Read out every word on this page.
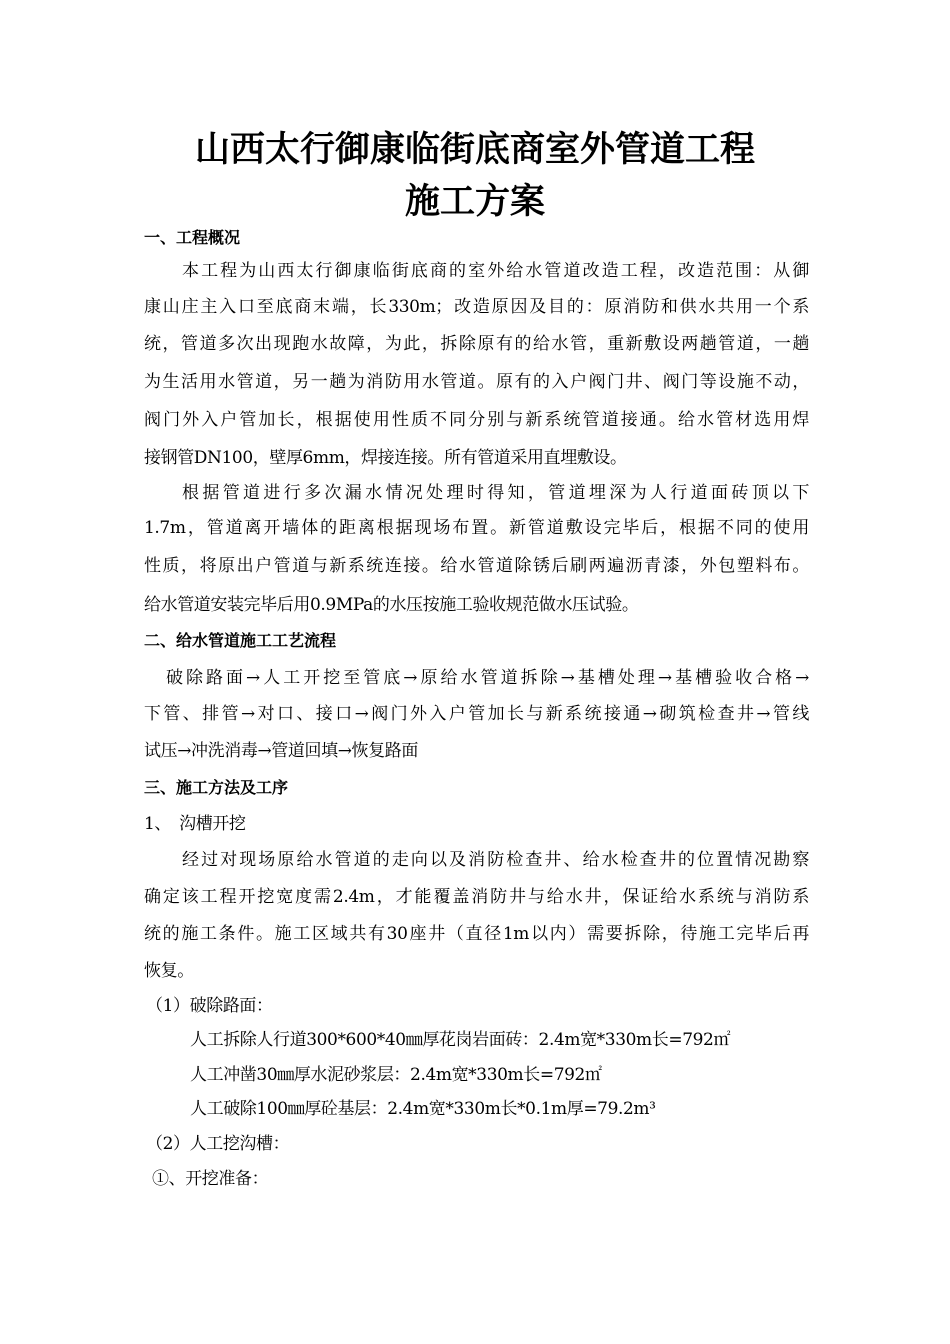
山西太行御康临街底商室外管道工程
施工方案
一、工程概况
本工程为山西太行御康临街底商的室外给水管道改造工程，改造范围：从御
康山庄主入口至底商末端，长330m；改造原因及目的：原消防和供水共用一个系
统，管道多次出现跑水故障，为此，拆除原有的给水管，重新敷设两趟管道，一趟
为生活用水管道，另一趟为消防用水管道。原有的入户阀门井、阀门等设施不动，
阀门外入户管加长，根据使用性质不同分别与新系统管道接通。给水管材选用焊
接钢管DN100，壁厚6mm，焊接连接。所有管道采用直埋敷设。
根据管道进行多次漏水情况处理时得知，管道埋深为人行道面砖顶以下
1.7m，管道离开墙体的距离根据现场布置。新管道敷设完毕后，根据不同的使用
性质，将原出户管道与新系统连接。给水管道除锈后刷两遍沥青漆，外包塑料布。
给水管道安装完毕后用0.9MPa的水压按施工验收规范做水压试验。
二、给水管道施工工艺流程
破除路面→人工开挖至管底→原给水管道拆除→基槽处理→基槽验收合格→
下管、排管→对口、接口→阀门外入户管加长与新系统接通→砌筑检查井→管线
试压→冲洗消毒→管道回填→恢复路面
三、施工方法及工序
1、　沟槽开挖
经过对现场原给水管道的走向以及消防检查井、给水检查井的位置情况勘察
确定该工程开挖宽度需2.4m，才能覆盖消防井与给水井，保证给水系统与消防系
统的施工条件。施工区域共有30座井（直径1m以内）需要拆除，待施工完毕后再
恢复。
（1）破除路面：
人工拆除人行道300*600*40㎜厚花岗岩面砖：2.4m宽*330m长=792㎡
人工冲凿30㎜厚水泥砂浆层：2.4m宽*330m长=792㎡
人工破除100㎜厚砼基层：2.4m宽*330m长*0.1m厚=79.2m³
（2）人工挖沟槽：
①、开挖准备：
